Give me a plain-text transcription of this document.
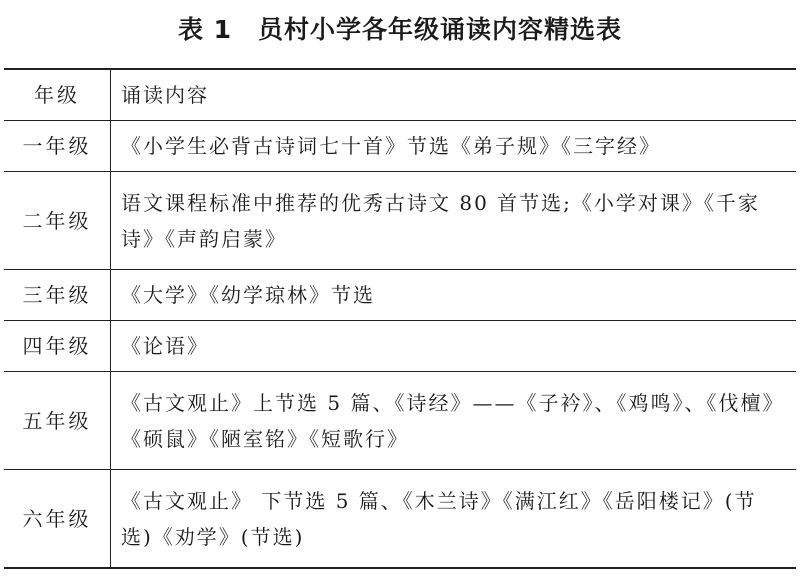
表 1　员村小学各年级诵读内容精选表
年级	诵读内容
一年级	《小学生必背古诗词七十首》节选《弟子规》《三字经》
二年级	语文课程标准中推荐的优秀古诗文 80 首节选;《小学对课》《千家诗》《声韵启蒙》
三年级	《大学》《幼学琼林》节选
四年级	《论语》
五年级	《古文观止》上节选 5 篇、《诗经》——《子衿》、《鸡鸣》、《伐檀》《硕鼠》《陋室铭》《短歌行》
六年级	《古文观止》 下节选 5 篇、《木兰诗》《满江红》《岳阳楼记》(节选)《劝学》(节选)
